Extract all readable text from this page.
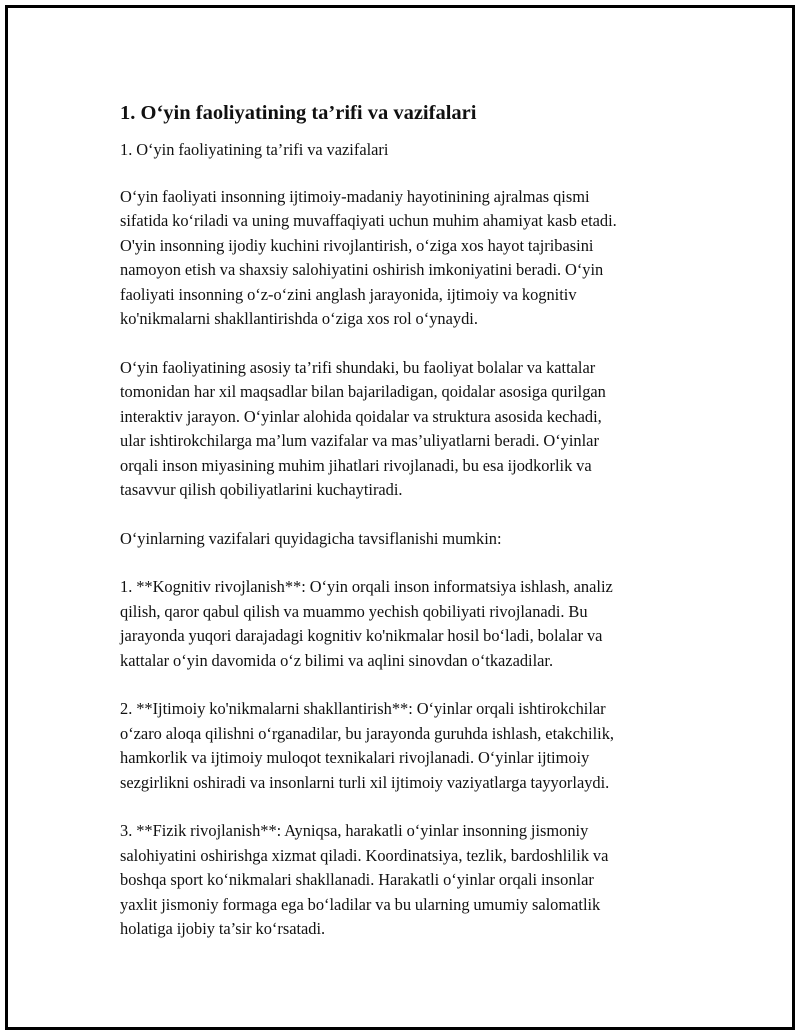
1. O‘yin faoliyatining ta’rifi va vazifalari

1. O‘yin faoliyatining ta’rifi va vazifalari

O‘yin faoliyati insonning ijtimoiy-madaniy hayotinining ajralmas qismi
sifatida ko‘riladi va uning muvaffaqiyati uchun muhim ahamiyat kasb etadi.
O'yin insonning ijodiy kuchini rivojlantirish, o‘ziga xos hayot tajribasini
namoyon etish va shaxsiy salohiyatini oshirish imkoniyatini beradi. O‘yin
faoliyati insonning o‘z-o‘zini anglash jarayonida, ijtimoiy va kognitiv
ko'nikmalarni shakllantirishda o‘ziga xos rol o‘ynaydi.

O‘yin faoliyatining asosiy ta’rifi shundaki, bu faoliyat bolalar va kattalar
tomonidan har xil maqsadlar bilan bajariladigan, qoidalar asosiga qurilgan
interaktiv jarayon. O‘yinlar alohida qoidalar va struktura asosida kechadi,
ular ishtirokchilarga ma’lum vazifalar va mas’uliyatlarni beradi. O‘yinlar
orqali inson miyasining muhim jihatlari rivojlanadi, bu esa ijodkorlik va
tasavvur qilish qobiliyatlarini kuchaytiradi.

O‘yinlarning vazifalari quyidagicha tavsiflanishi mumkin:

1. **Kognitiv rivojlanish**: O‘yin orqali inson informatsiya ishlash, analiz
qilish, qaror qabul qilish va muammo yechish qobiliyati rivojlanadi. Bu
jarayonda yuqori darajadagi kognitiv ko'nikmalar hosil bo‘ladi, bolalar va
kattalar o‘yin davomida o‘z bilimi va aqlini sinovdan o‘tkazadilar.

2. **Ijtimoiy ko'nikmalarni shakllantirish**: O‘yinlar orqali ishtirokchilar
o‘zaro aloqa qilishni o‘rganadilar, bu jarayonda guruhda ishlash, etakchilik,
hamkorlik va ijtimoiy muloqot texnikalari rivojlanadi. O‘yinlar ijtimoiy
sezgirlikni oshiradi va insonlarni turli xil ijtimoiy vaziyatlarga tayyorlaydi.

3. **Fizik rivojlanish**: Ayniqsa, harakatli o‘yinlar insonning jismoniy
salohiyatini oshirishga xizmat qiladi. Koordinatsiya, tezlik, bardoshlilik va
boshqa sport ko‘nikmalari shakllanadi. Harakatli o‘yinlar orqali insonlar
yaxlit jismoniy formaga ega bo‘ladilar va bu ularning umumiy salomatlik
holatiga ijobiy ta’sir ko‘rsatadi.
